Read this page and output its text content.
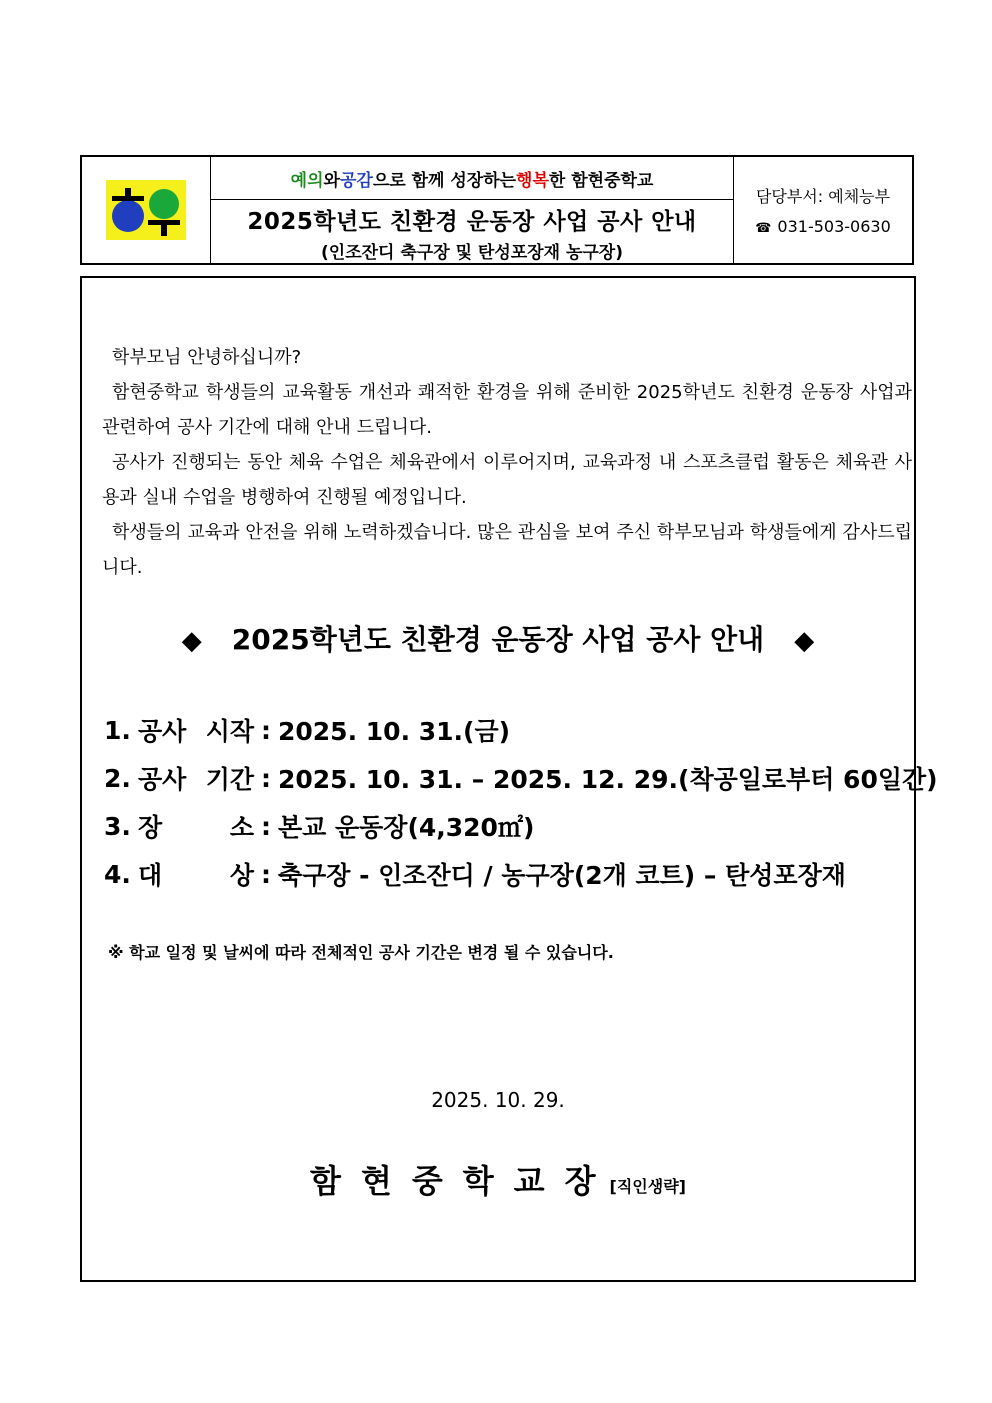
예의 와 공감 으로 함께 성장하는 행복 한 함현중학교
2025학년도 친환경 운동장 사업 공사 안내
(인조잔디 축구장 및 탄성포장재 농구장)
담당부서: 예체능부
☎ 031-503-0630

학부모님 안녕하십니까?

함현중학교 학생들의 교육활동 개선과 쾌적한 환경을 위해 준비한 2025학년도 친환경 운동장 사업과 관련하여 공사 기간에 대해 안내 드립니다.

공사가 진행되는 동안 체육 수업은 체육관에서 이루어지며, 교육과정 내 스포츠클럽 활동은 체육관 사용과 실내 수업을 병행하여 진행될 예정입니다.

학생들의 교육과 안전을 위해 노력하겠습니다. 많은 관심을 보여 주신 학부모님과 학생들에게 감사드립니다.

◆ 2025학년도 친환경 운동장 사업 공사 안내 ◆
1. 공사 시작 : 2025. 10. 31.(금)
2. 공사 기간 : 2025. 10. 31. – 2025. 12. 29.(착공일로부터 60일간)
3. 장	소 : 본교 운동장(4,320㎡)
4. 대	상 : 축구장 - 인조잔디 / 농구장(2개 코트) – 탄성포장재
※ 학교 일정 및 날씨에 따라 전체적인 공사 기간은 변경 될 수 있습니다.
2025. 10. 29.
함현중학교장[직인생략]
